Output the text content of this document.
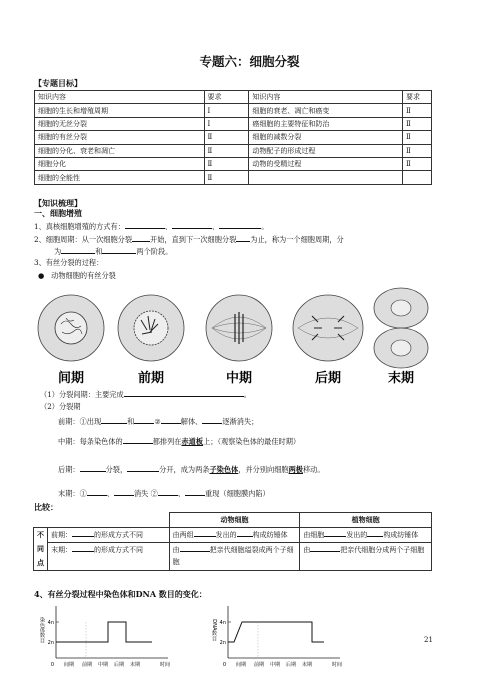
专题六：细胞分裂
【专题目标】
知识内容	要求	知识内容	要求
细胞的生长和增殖周期	Ⅰ	细胞的衰老、凋亡和癌变	Ⅱ
细胞的无丝分裂	Ⅰ	癌细胞的主要特征和防治	Ⅱ
细胞的有丝分裂	Ⅱ	细胞的减数分裂	Ⅱ
细胞的分化、衰老和凋亡	Ⅱ	动物配子的形成过程	Ⅱ
细胞分化	Ⅱ	动物的受精过程	Ⅱ
细胞的全能性	Ⅱ		
【知识梳理】
一、细胞增殖
1、真核细胞增殖的方式有：	、	、	。
2、细胞周期：从一次细胞分裂	开始，直到下一次细胞分裂 为止，称为一个细胞周期，分
为	和	两个阶段。
3、有丝分裂的过程：
● 动物细胞的有丝分裂
间期	前期	中期	后期	末期
（1）分裂间期：主要完成	。
（2）分裂期
前期：①出现	和	②	解体、	逐渐消失；
中期：每条染色体的	都排列在赤道板上；（观察染色体的最佳时期）
后期：	分裂，	分开，成为两条子染色体，并分别向细胞两极移动。
末期：①	、	消失 ②	、	重现（细胞膜内陷）
比较：
		动物细胞	植物细胞

不
同
点	前期： 的形成方式不同	由两组 发出的 构成纺锤体	由细胞 发出的 构成纺锤体
	末期： 的形成方式不同	由 把亲代细胞缢裂成两个子细胞	由 把亲代细胞分成两个子细胞
4、有丝分裂过程中染色体和DNA 数目的变化：
染色体数目 4n
2n
0 间期 前期 中期 后期 末期	时间
DNA数目 4n
2n
0 间期 前期 中期 后期 末期	时间
21
